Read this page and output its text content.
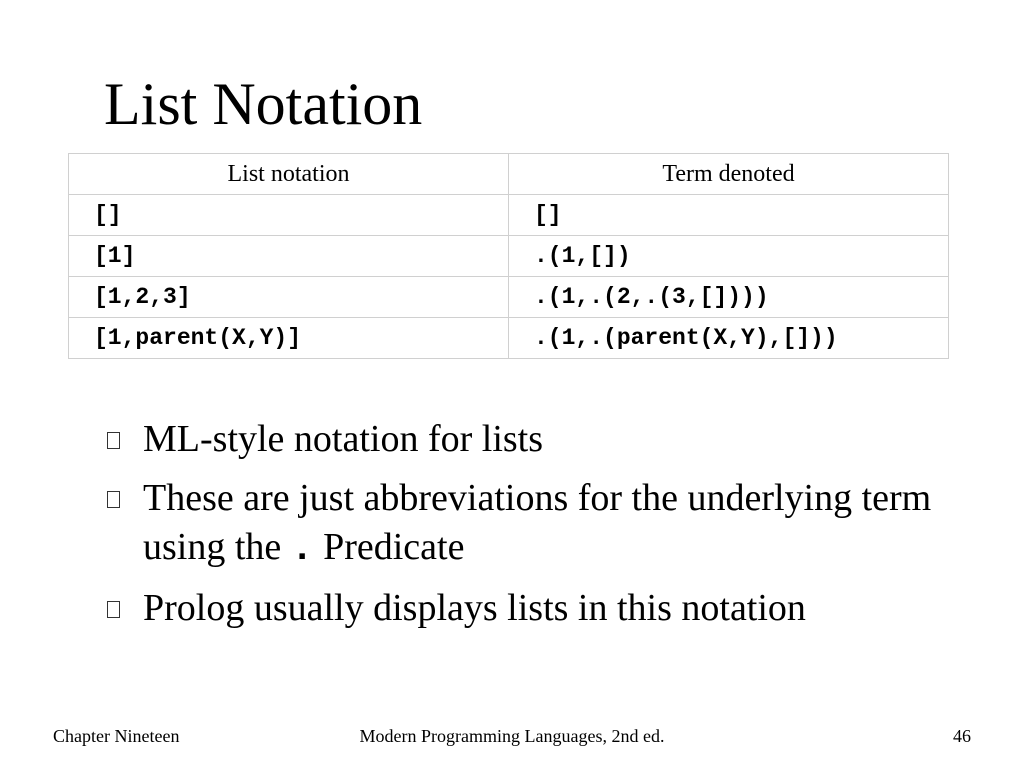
List Notation
List notation	Term denoted
[]	[]
[1]	.(1,[])
[1,2,3]	.(1,.(2,.(3,[])))
[1,parent(X,Y)]	.(1,.(parent(X,Y),[]))
ML-style notation for lists
These are just abbreviations for the underlying term using the . Predicate
Prolog usually displays lists in this notation
Chapter Nineteen	Modern Programming Languages, 2nd ed.	46
